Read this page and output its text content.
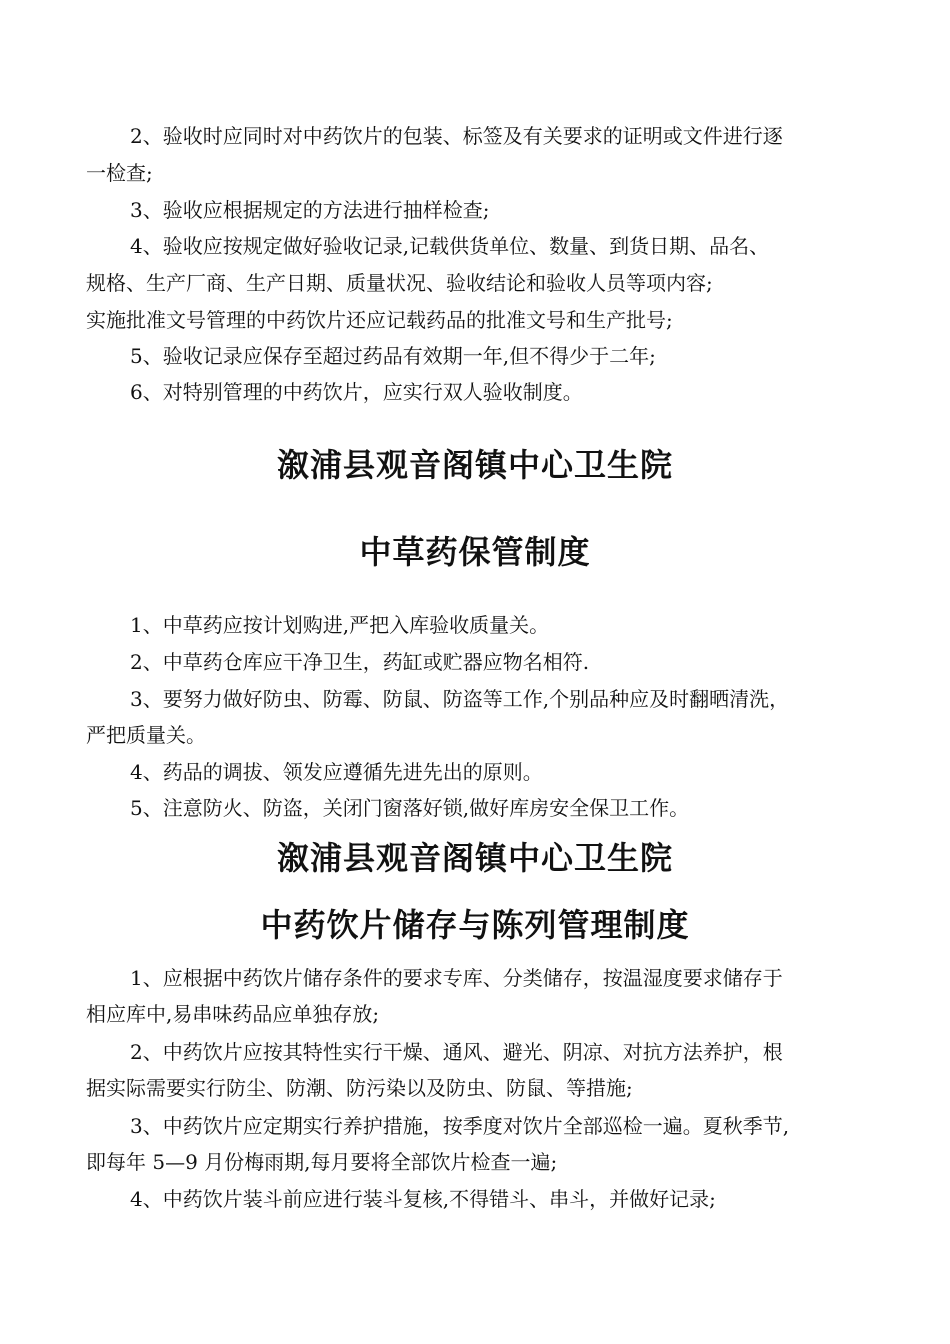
2、验收时应同时对中药饮片的包装、标签及有关要求的证明或文件进行逐

一检查;

3、验收应根据规定的方法进行抽样检查;

4、验收应按规定做好验收记录,记载供货单位、数量、到货日期、品名、

规格、生产厂商、生产日期、质量状况、验收结论和验收人员等项内容;

实施批准文号管理的中药饮片还应记载药品的批准文号和生产批号;

5、验收记录应保存至超过药品有效期一年,但不得少于二年;

6、对特别管理的中药饮片，应实行双人验收制度。

溆浦县观音阁镇中心卫生院
中草药保管制度

1、中草药应按计划购进,严把入库验收质量关。

2、中草药仓库应干净卫生，药缸或贮器应物名相符.

3、要努力做好防虫、防霉、防鼠、防盗等工作,个别品种应及时翻晒清洗，

严把质量关。

4、药品的调拔、领发应遵循先进先出的原则。

5、注意防火、防盗，关闭门窗落好锁,做好库房安全保卫工作。

溆浦县观音阁镇中心卫生院
中药饮片储存与陈列管理制度

1、应根据中药饮片储存条件的要求专库、分类储存，按温湿度要求储存于

相应库中,易串味药品应单独存放;

2、中药饮片应按其特性实行干燥、通风、避光、阴凉、对抗方法养护，根

据实际需要实行防尘、防潮、防污染以及防虫、防鼠、等措施;

3、中药饮片应定期实行养护措施，按季度对饮片全部巡检一遍。夏秋季节,

即每年 5—9 月份梅雨期,每月要将全部饮片检查一遍;

4、中药饮片装斗前应进行装斗复核,不得错斗、串斗，并做好记录;
